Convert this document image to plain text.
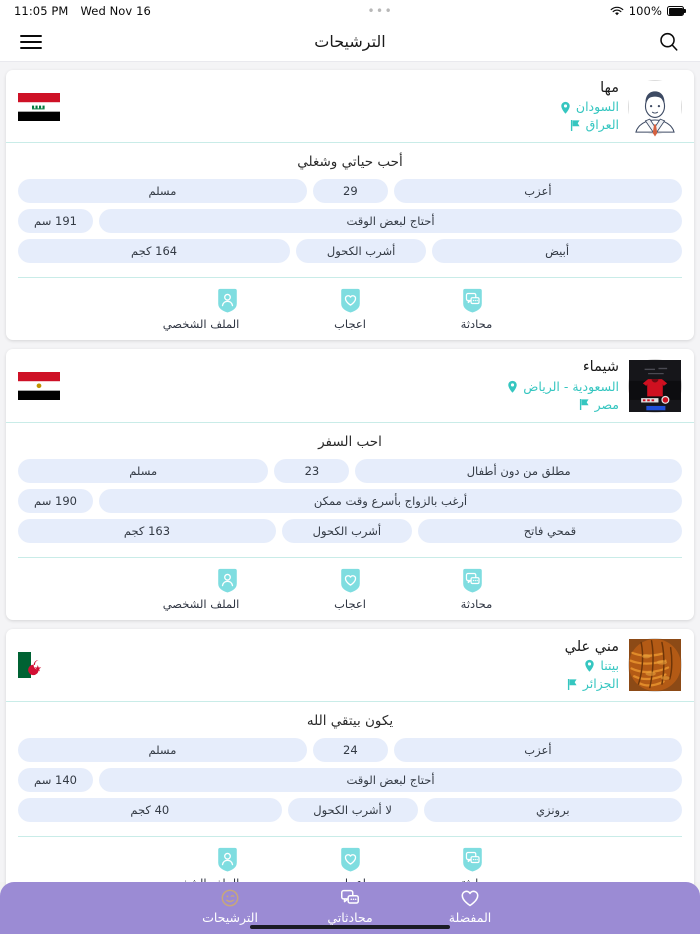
11:05 PM Wed Nov 16	•••	100%
الترشيحات
مها
السودان
العراق
أحب حياتي وشغلي
أعزب
29
مسلم
أحتاج لبعض الوقت
191 سم
أبيض
أشرب الكحول
164 كجم
محادثة
اعجاب
الملف الشخصي
شيماء
السعودية - الرياض
مصر
احب السفر
مطلق من دون أطفال
23
مسلم
أرغب بالزواج بأسرع وقت ممكن
190 سم
قمحي فاتح
أشرب الكحول
163 كجم
محادثة
اعجاب
الملف الشخصي
مني علي
بيتنا
الجزائر
يكون بيتقي الله
أعزب
24
مسلم
أحتاج لبعض الوقت
140 سم
برونزي
لا أشرب الكحول
40 كجم
المفضلة
محادثاتي
الترشيحات
